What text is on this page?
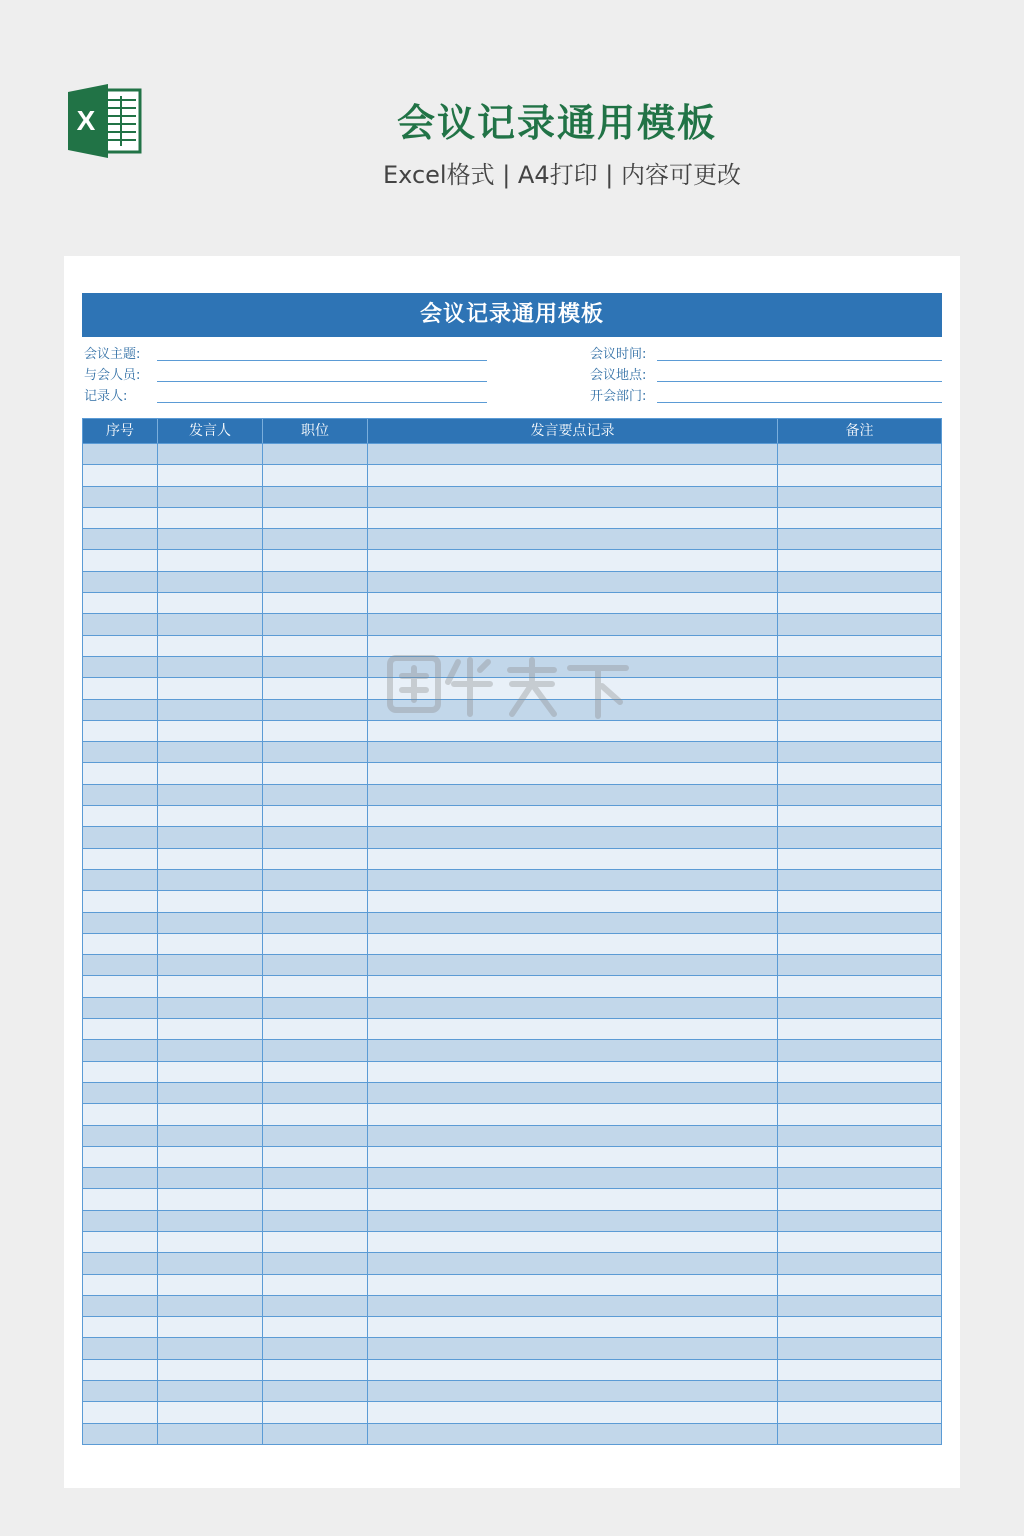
X	会议记录通用模板
Excel格式 | A4打印 | 内容可更改
会议记录通用模板
会议主题:
与会人员:
记录人:
会议时间:
会议地点:
开会部门:
序号	发言人	职位	发言要点记录	备注
